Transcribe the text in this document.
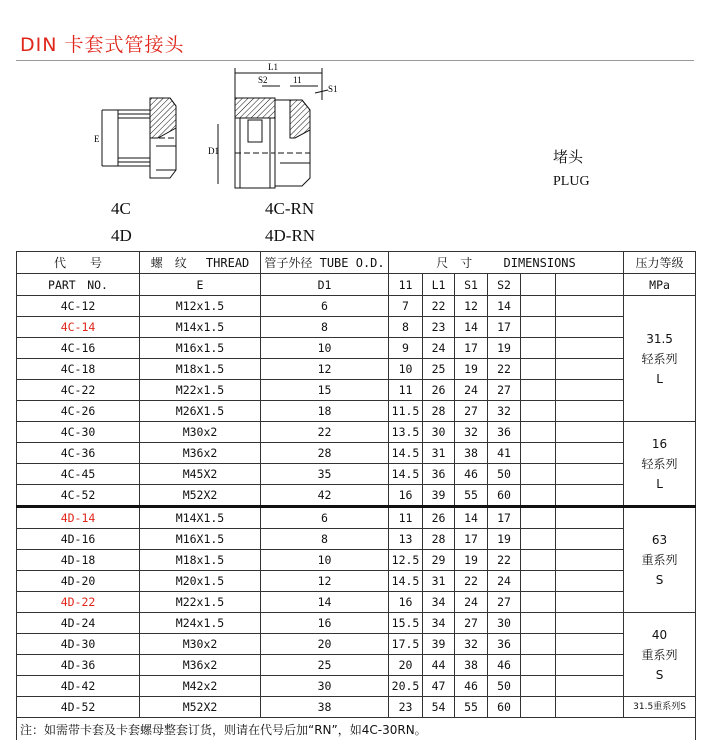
DIN 卡套式管接头
E
L1
S2	11
S1
D1
4C
4D
4C-RN
4D-RN
堵头
PLUG
代　　号	螺　纹　 THREAD	管子外径 TUBE O.D.	尺　寸　　 DIMENSIONS						压力等级
PART　NO.	E	D1	11	L1	S1	S2			MPa
4C-12	M12x1.5	6	7	22	12	14			31.5
轻系列
L
4C-14	M14x1.5	8	8	23	14	17			
4C-16	M16x1.5	10	9	24	17	19			
4C-18	M18x1.5	12	10	25	19	22			
4C-22	M22x1.5	15	11	26	24	27			
4C-26	M26X1.5	18	11.5	28	27	32			
4C-30	M30x2	22	13.5	30	32	36			16
轻系列
L
4C-36	M36x2	28	14.5	31	38	41			
4C-45	M45X2	35	14.5	36	46	50			
4C-52	M52X2	42	16	39	55	60			
4D-14	M14X1.5	6	11	26	14	17			63
重系列
S
4D-16	M16X1.5	8	13	28	17	19			
4D-18	M18x1.5	10	12.5	29	19	22			
4D-20	M20x1.5	12	14.5	31	22	24			
4D-22	M22x1.5	14	16	34	24	27			
4D-24	M24x1.5	16	15.5	34	27	30			40
重系列
S
4D-30	M30x2	20	17.5	39	32	36			
4D-36	M36x2	25	20	44	38	46			
4D-42	M42x2	30	20.5	47	46	50			
4D-52	M52X2	38	23	54	55	60			31.5重系列S
注：如需带卡套及卡套螺母整套订货，则请在代号后加“RN”，如4C-30RN。									
